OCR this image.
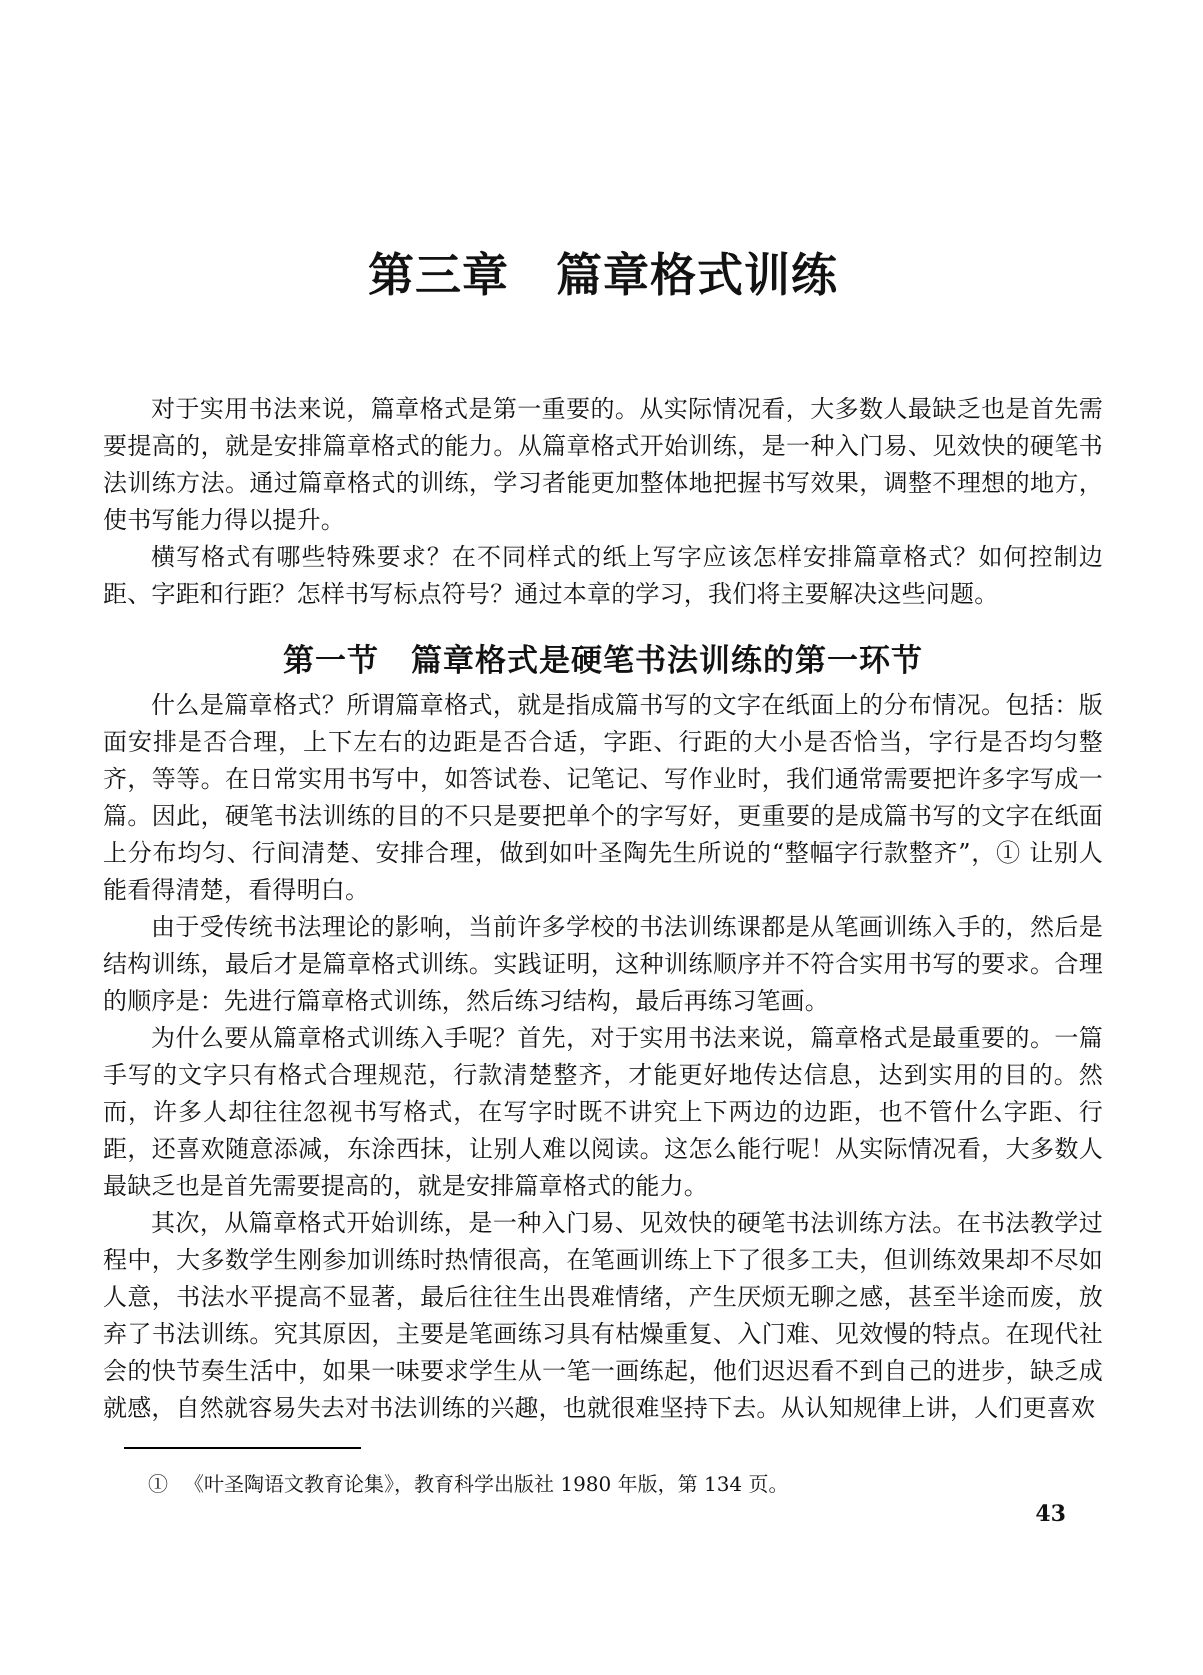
第三章　篇章格式训练

对于实用书法来说，篇章格式是第一重要的。从实际情况看，大多数人最缺乏也是首先需要提高的，就是安排篇章格式的能力。从篇章格式开始训练，是一种入门易、见效快的硬笔书法训练方法。通过篇章格式的训练，学习者能更加整体地把握书写效果，调整不理想的地方，使书写能力得以提升。

横写格式有哪些特殊要求？在不同样式的纸上写字应该怎样安排篇章格式？如何控制边距、字距和行距？怎样书写标点符号？通过本章的学习，我们将主要解决这些问题。

第一节　篇章格式是硬笔书法训练的第一环节

什么是篇章格式？所谓篇章格式，就是指成篇书写的文字在纸面上的分布情况。包括：版面安排是否合理，上下左右的边距是否合适，字距、行距的大小是否恰当，字行是否均匀整齐，等等。在日常实用书写中，如答试卷、记笔记、写作业时，我们通常需要把许多字写成一篇。因此，硬笔书法训练的目的不只是要把单个的字写好，更重要的是成篇书写的文字在纸面上分布均匀、行间清楚、安排合理，做到如叶圣陶先生所说的“整幅字行款整齐”，① 让别人能看得清楚，看得明白。

由于受传统书法理论的影响，当前许多学校的书法训练课都是从笔画训练入手的，然后是结构训练，最后才是篇章格式训练。实践证明，这种训练顺序并不符合实用书写的要求。合理的顺序是：先进行篇章格式训练，然后练习结构，最后再练习笔画。

为什么要从篇章格式训练入手呢？首先，对于实用书法来说，篇章格式是最重要的。一篇手写的文字只有格式合理规范，行款清楚整齐，才能更好地传达信息，达到实用的目的。然而，许多人却往往忽视书写格式，在写字时既不讲究上下两边的边距，也不管什么字距、行距，还喜欢随意添减，东涂西抹，让别人难以阅读。这怎么能行呢！从实际情况看，大多数人最缺乏也是首先需要提高的，就是安排篇章格式的能力。

其次，从篇章格式开始训练，是一种入门易、见效快的硬笔书法训练方法。在书法教学过程中，大多数学生刚参加训练时热情很高，在笔画训练上下了很多工夫，但训练效果却不尽如人意，书法水平提高不显著，最后往往生出畏难情绪，产生厌烦无聊之感，甚至半途而废，放弃了书法训练。究其原因，主要是笔画练习具有枯燥重复、入门难、见效慢的特点。在现代社会的快节奏生活中，如果一味要求学生从一笔一画练起，他们迟迟看不到自己的进步，缺乏成就感，自然就容易失去对书法训练的兴趣，也就很难坚持下去。从认知规律上讲，人们更喜欢

① 《叶圣陶语文教育论集》，教育科学出版社 1980 年版，第 134 页。
43
